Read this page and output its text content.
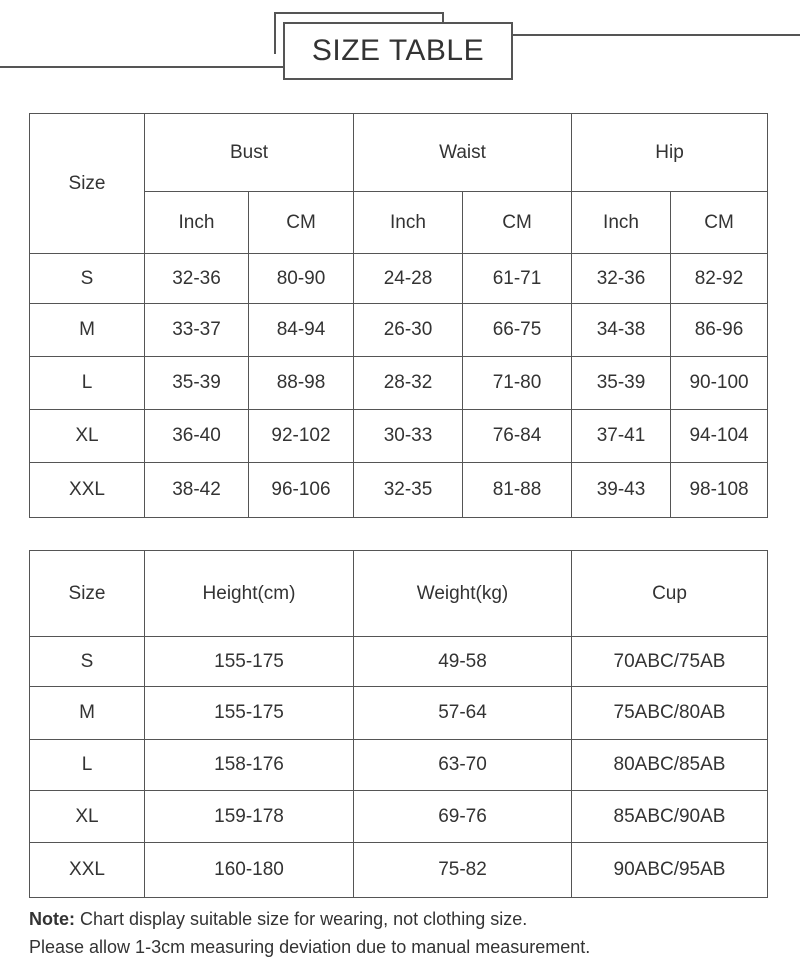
SIZE TABLE
Size	Bust		Waist		Hip	
	Inch	CM	Inch	CM	Inch	CM
S	32-36	80-90	24-28	61-71	32-36	82-92
M	33-37	84-94	26-30	66-75	34-38	86-96
L	35-39	88-98	28-32	71-80	35-39	90-100
XL	36-40	92-102	30-33	76-84	37-41	94-104
XXL	38-42	96-106	32-35	81-88	39-43	98-108
Size	Height(cm)	Weight(kg)	Cup
S	155-175	49-58	70ABC/75AB
M	155-175	57-64	75ABC/80AB
L	158-176	63-70	80ABC/85AB
XL	159-178	69-76	85ABC/90AB
XXL	160-180	75-82	90ABC/95AB
Note: Chart display suitable size for wearing, not clothing size.
Please allow 1-3cm measuring deviation due to manual measurement.
